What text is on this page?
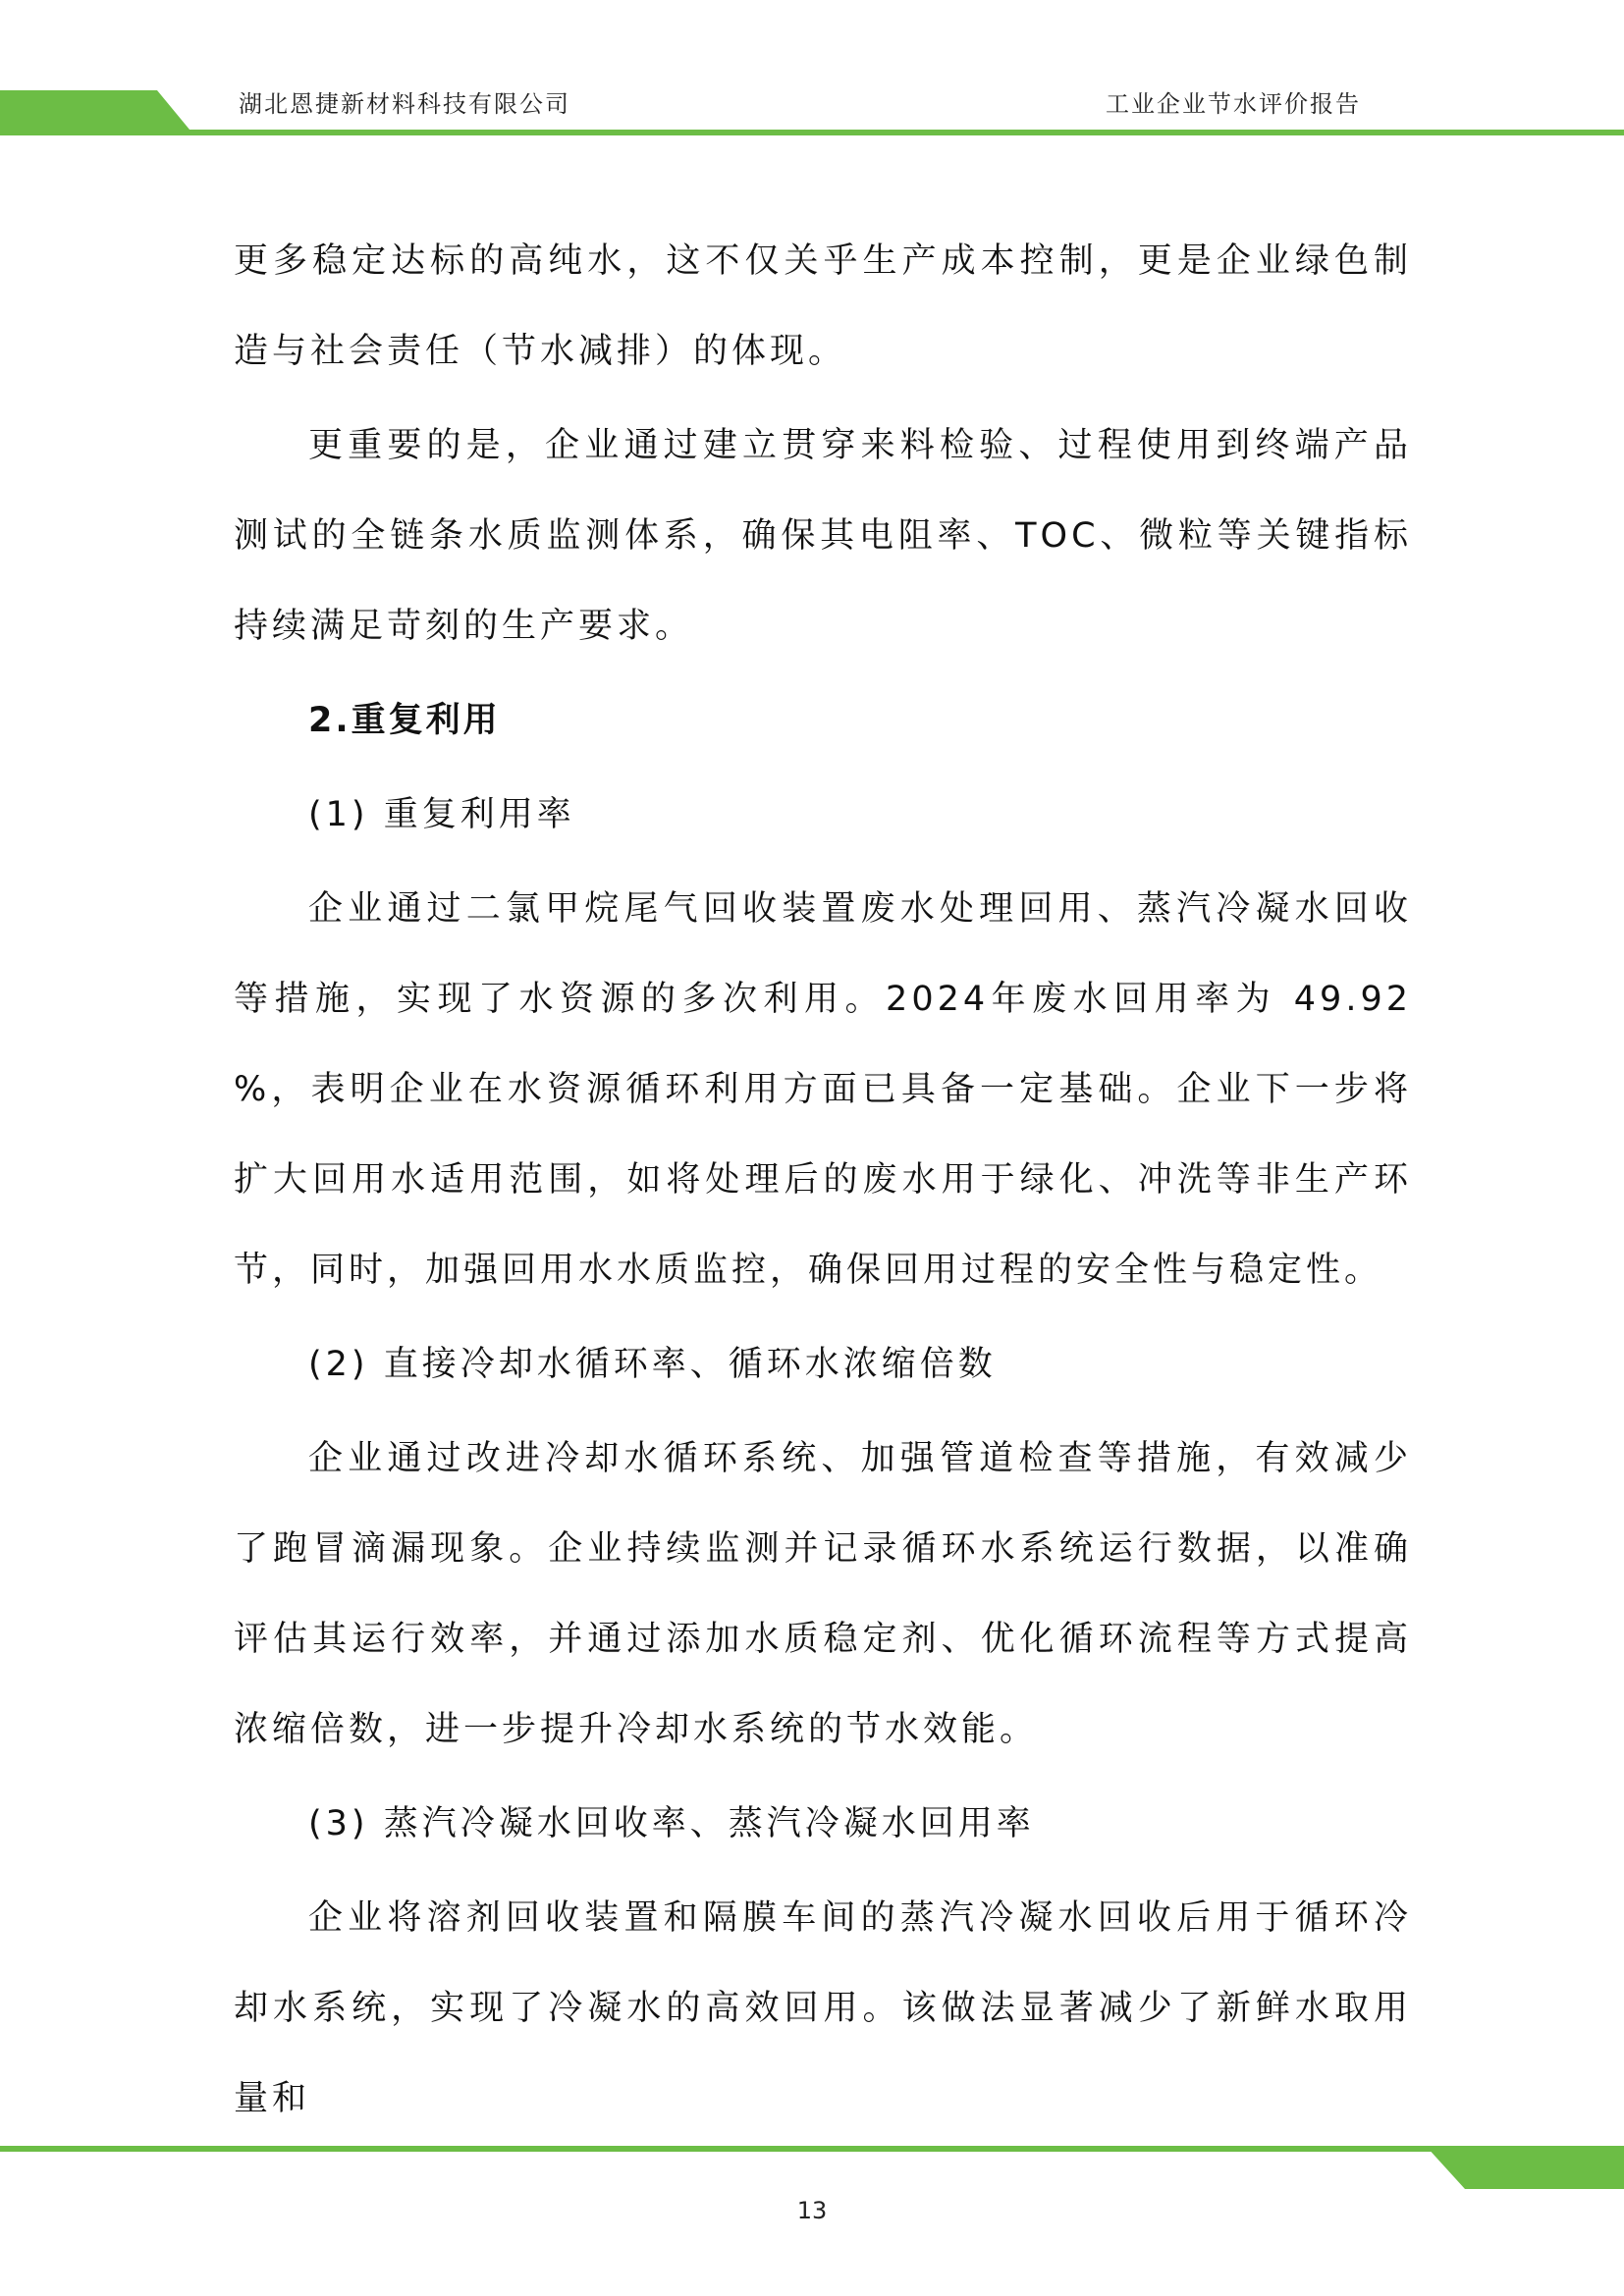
湖北恩捷新材料科技有限公司	工业企业节水评价报告

更多稳定达标的高纯水，这不仅关乎生产成本控制，更是企业绿色制造与社会责任（节水减排）的体现。

更重要的是，企业通过建立贯穿来料检验、过程使用到终端产品测试的全链条水质监测体系，确保其电阻率、TOC、微粒等关键指标持续满足苛刻的生产要求。

2.重复利用
(1) 重复利用率

企业通过二氯甲烷尾气回收装置废水处理回用、蒸汽冷凝水回收等措施，实现了水资源的多次利用。2024年废水回用率为 49.92 %，表明企业在水资源循环利用方面已具备一定基础。企业下一步将扩大回用水适用范围，如将处理后的废水用于绿化、冲洗等非生产环节，同时，加强回用水水质监控，确保回用过程的安全性与稳定性。

(2) 直接冷却水循环率、循环水浓缩倍数

企业通过改进冷却水循环系统、加强管道检查等措施，有效减少了跑冒滴漏现象。企业持续监测并记录循环水系统运行数据，以准确评估其运行效率，并通过添加水质稳定剂、优化循环流程等方式提高浓缩倍数，进一步提升冷却水系统的节水效能。

(3) 蒸汽冷凝水回收率、蒸汽冷凝水回用率

企业将溶剂回收装置和隔膜车间的蒸汽冷凝水回收后用于循环冷却水系统，实现了冷凝水的高效回用。该做法显著减少了新鲜水取用量和

13
